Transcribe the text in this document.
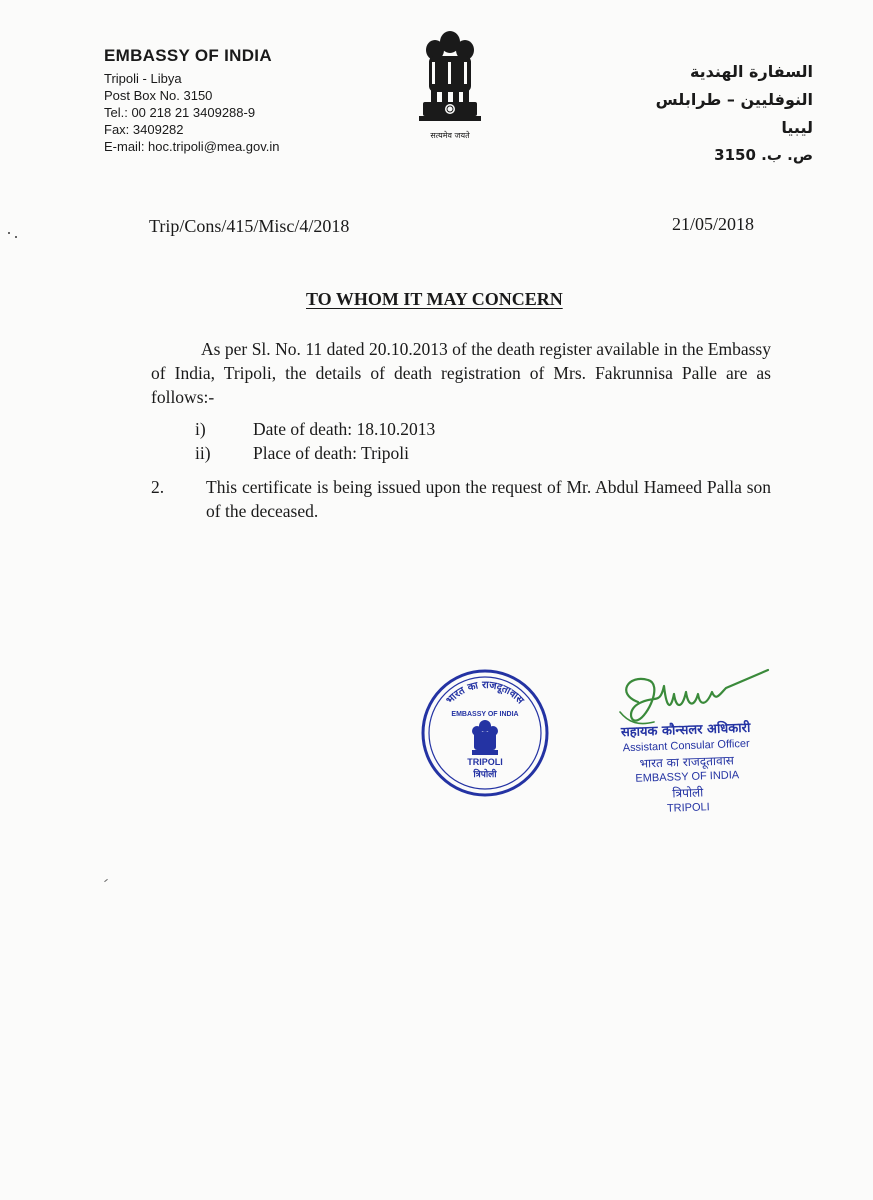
EMBASSY OF INDIA
Tripoli - Libya
Post Box No. 3150
Tel.: 00 218 21 3409288-9
Fax: 3409282
E-mail: hoc.tripoli@mea.gov.in
सत्यमेव जयते
السفارة الهندية
النوفليين – طرابلس
ليبيا
ص. ب. 3150
Trip/Cons/415/Misc/4/2018	21/05/2018
TO WHOM IT MAY CONCERN

As per Sl. No. 11 dated 20.10.2013 of the death register available in the Embassy of India, Tripoli, the details of death registration of Mrs. Fakrunnisa Palle are as follows:-

i)	Date of death: 18.10.2013
ii)	Place of death: Tripoli
2.	This certificate is being issued upon the request of Mr. Abdul Hameed Palla son of the deceased.
भारत का राजदूतावास
EMBASSY OF INDIA
TRIPOLI
त्रिपोली
सहायक कौन्सलर अधिकारी
Assistant Consular Officer
भारत का राजदूतावास
EMBASSY OF INDIA
त्रिपोली
TRIPOLI
